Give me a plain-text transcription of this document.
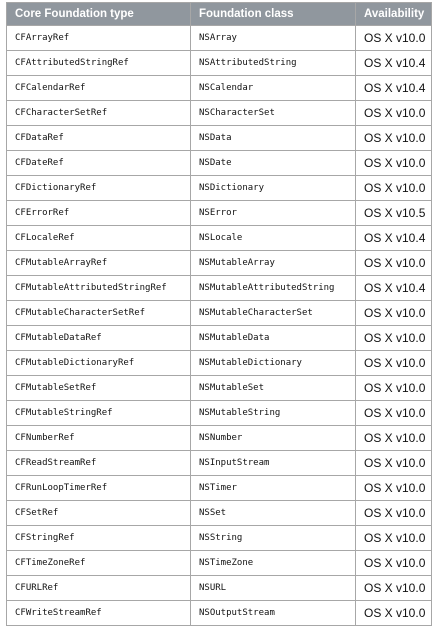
Core Foundation type	Foundation class	Availability
CFArrayRef	NSArray	OS X v10.0
CFAttributedStringRef	NSAttributedString	OS X v10.4
CFCalendarRef	NSCalendar	OS X v10.4
CFCharacterSetRef	NSCharacterSet	OS X v10.0
CFDataRef	NSData	OS X v10.0
CFDateRef	NSDate	OS X v10.0
CFDictionaryRef	NSDictionary	OS X v10.0
CFErrorRef	NSError	OS X v10.5
CFLocaleRef	NSLocale	OS X v10.4
CFMutableArrayRef	NSMutableArray	OS X v10.0
CFMutableAttributedStringRef	NSMutableAttributedString	OS X v10.4
CFMutableCharacterSetRef	NSMutableCharacterSet	OS X v10.0
CFMutableDataRef	NSMutableData	OS X v10.0
CFMutableDictionaryRef	NSMutableDictionary	OS X v10.0
CFMutableSetRef	NSMutableSet	OS X v10.0
CFMutableStringRef	NSMutableString	OS X v10.0
CFNumberRef	NSNumber	OS X v10.0
CFReadStreamRef	NSInputStream	OS X v10.0
CFRunLoopTimerRef	NSTimer	OS X v10.0
CFSetRef	NSSet	OS X v10.0
CFStringRef	NSString	OS X v10.0
CFTimeZoneRef	NSTimeZone	OS X v10.0
CFURLRef	NSURL	OS X v10.0
CFWriteStreamRef	NSOutputStream	OS X v10.0
